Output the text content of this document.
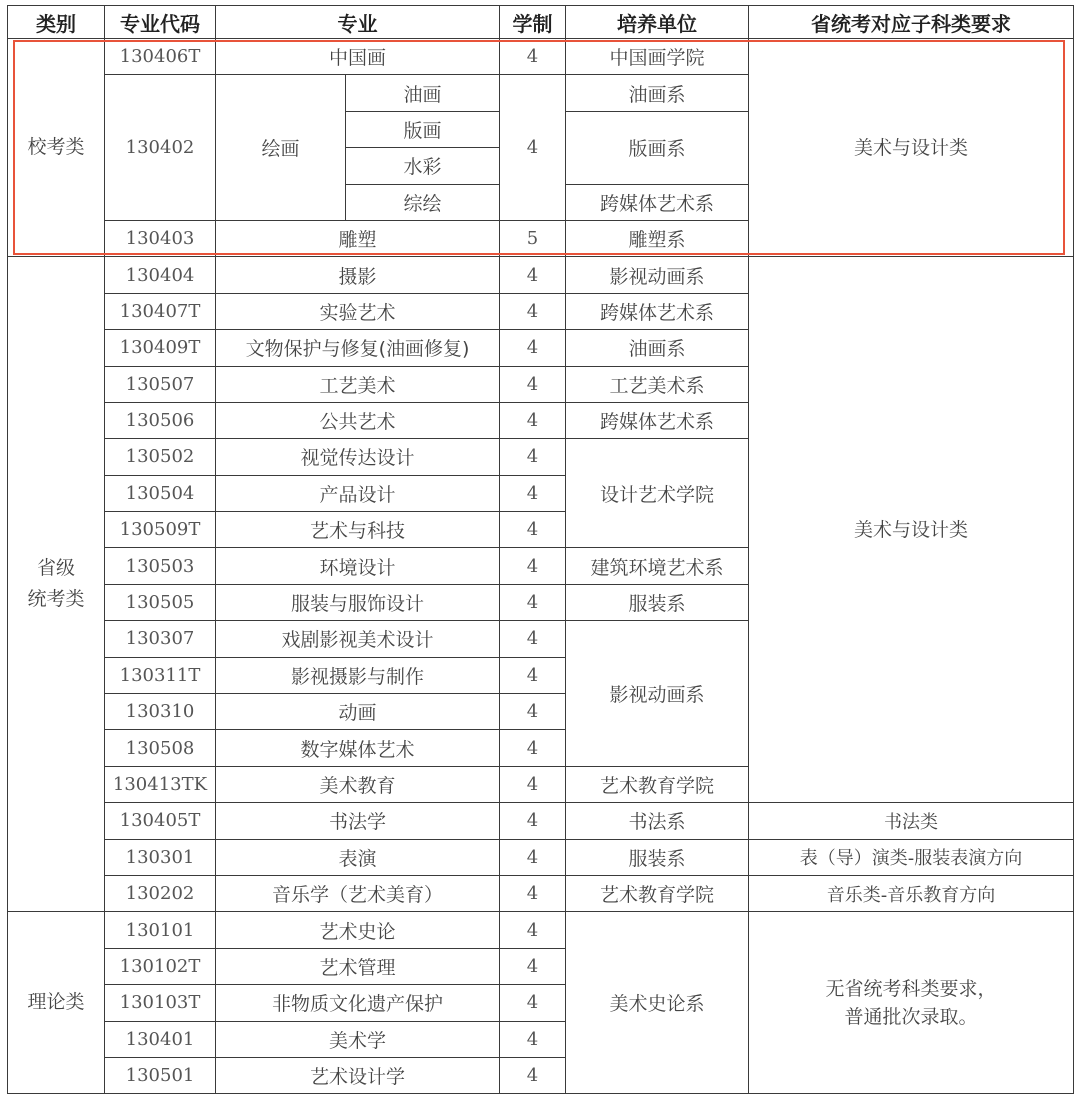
类别	专业代码	专业		学制	培养单位	省统考对应子科类要求
校考类	130406T	中国画		4	中国画学院	美术与设计类
	130402	绘画	油画	4	油画系	
			版画		版画系	
			水彩			
			综绘		跨媒体艺术系	
	130403	雕塑		5	雕塑系	
省级
统考类	130404	摄影		4	影视动画系	美术与设计类
	130407T	实验艺术		4	跨媒体艺术系	
	130409T	文物保护与修复(油画修复)		4	油画系	
	130507	工艺美术		4	工艺美术系	
	130506	公共艺术		4	跨媒体艺术系	
	130502	视觉传达设计		4	设计艺术学院	
	130504	产品设计		4		
	130509T	艺术与科技		4		
	130503	环境设计		4	建筑环境艺术系	
	130505	服装与服饰设计		4	服装系	
	130307	戏剧影视美术设计		4	影视动画系	
	130311T	影视摄影与制作		4		
	130310	动画		4		
	130508	数字媒体艺术		4		
	130413TK	美术教育		4	艺术教育学院	
	130405T	书法学		4	书法系	书法类
	130301	表演		4	服装系	表（导）演类-服装表演方向
	130202	音乐学（艺术美育）		4	艺术教育学院	音乐类-音乐教育方向
理论类	130101	艺术史论		4	美术史论系	无省统考科类要求，
普通批次录取。
	130102T	艺术管理		4		
	130103T	非物质文化遗产保护		4		
	130401	美术学		4		
	130501	艺术设计学		4		
